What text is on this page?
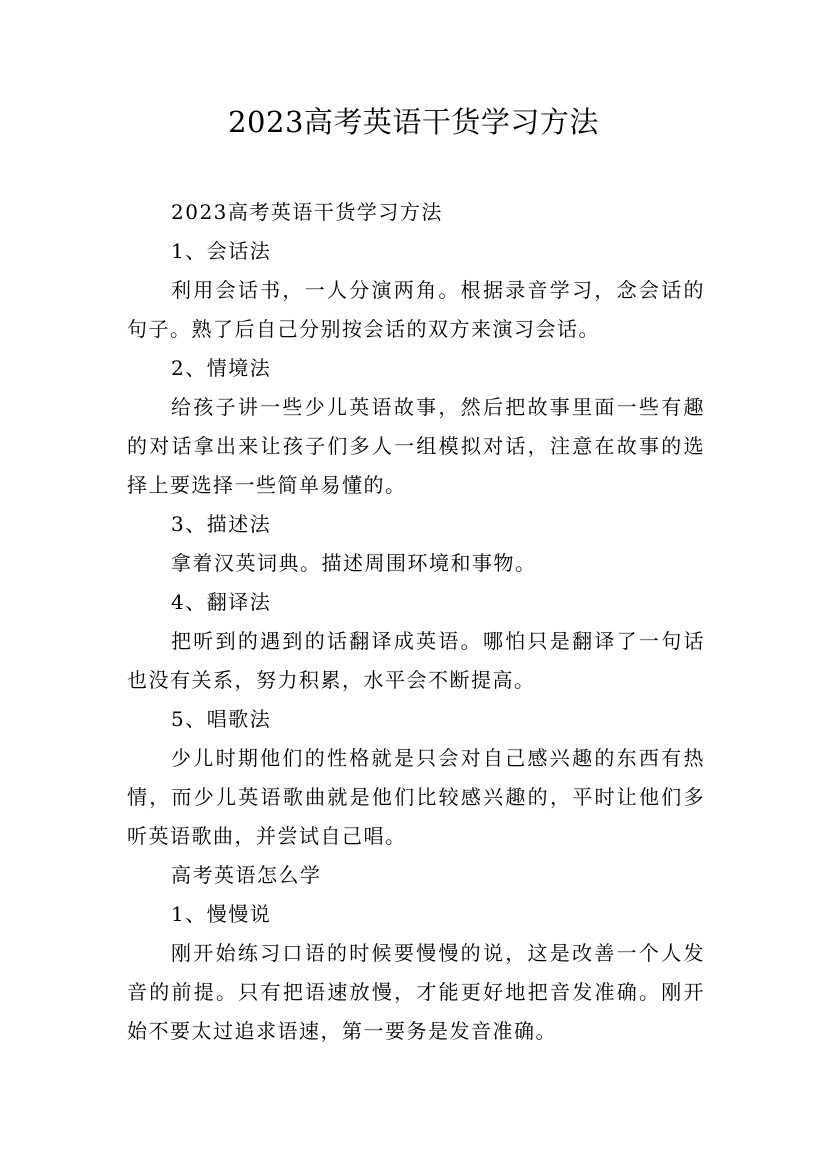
2023高考英语干货学习方法

2023高考英语干货学习方法

1、会话法

利用会话书，一人分演两角。根据录音学习，念会话的句子。熟了后自己分别按会话的双方来演习会话。

2、情境法

给孩子讲一些少儿英语故事，然后把故事里面一些有趣的对话拿出来让孩子们多人一组模拟对话，注意在故事的选择上要选择一些简单易懂的。

3、描述法

拿着汉英词典。描述周围环境和事物。

4、翻译法

把听到的遇到的话翻译成英语。哪怕只是翻译了一句话也没有关系，努力积累，水平会不断提高。

5、唱歌法

少儿时期他们的性格就是只会对自己感兴趣的东西有热情，而少儿英语歌曲就是他们比较感兴趣的，平时让他们多听英语歌曲，并尝试自己唱。

高考英语怎么学

1、慢慢说

刚开始练习口语的时候要慢慢的说，这是改善一个人发音的前提。只有把语速放慢，才能更好地把音发准确。刚开始不要太过追求语速，第一要务是发音准确。
